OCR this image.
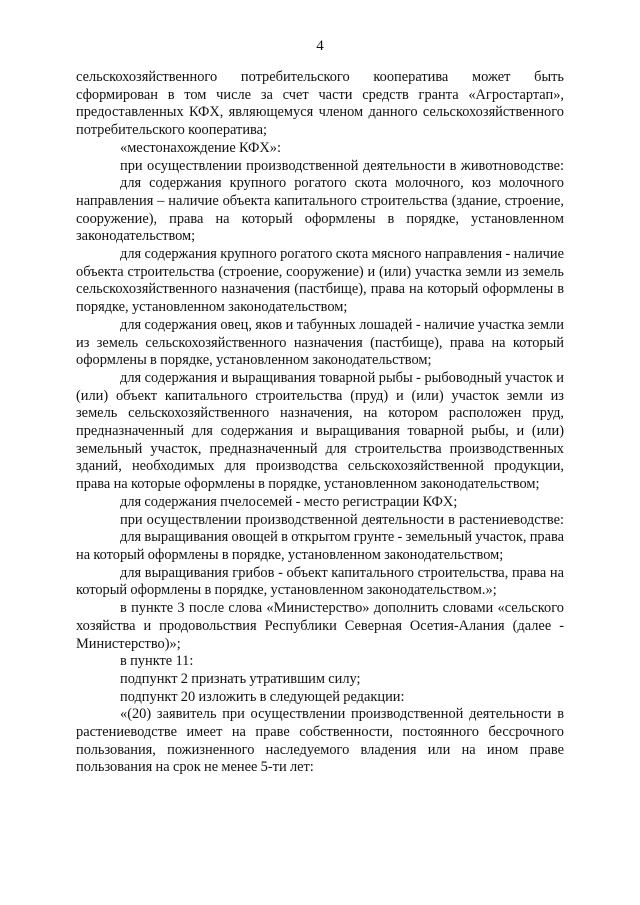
4

сельскохозяйственного потребительского кооператива может быть сформирован в том числе за счет части средств гранта «Агростартап», предоставленных КФХ, являющемуся членом данного сельскохозяйственного потребительского кооператива;

«местонахождение КФХ»:

при осуществлении производственной деятельности в животноводстве:

для содержания крупного рогатого скота молочного, коз молочного направления – наличие объекта капитального строительства (здание, строение, сооружение), права на который оформлены в порядке, установленном законодательством;

для содержания крупного рогатого скота мясного направления - наличие объекта строительства (строение, сооружение) и (или) участка земли из земель сельскохозяйственного назначения (пастбище), права на который оформлены в порядке, установленном законодательством;

для содержания овец, яков и табунных лошадей - наличие участка земли из земель сельскохозяйственного назначения (пастбище), права на который оформлены в порядке, установленном законодательством;

для содержания и выращивания товарной рыбы - рыбоводный участок и (или) объект капитального строительства (пруд) и (или) участок земли из земель сельскохозяйственного назначения, на котором расположен пруд, предназначенный для содержания и выращивания товарной рыбы, и (или) земельный участок, предназначенный для строительства производственных зданий, необходимых для производства сельскохозяйственной продукции, права на которые оформлены в порядке, установленном законодательством;

для содержания пчелосемей - место регистрации КФХ;

при осуществлении производственной деятельности в растениеводстве:

для выращивания овощей в открытом грунте - земельный участок, права на который оформлены в порядке, установленном законодательством;

для выращивания грибов - объект капитального строительства, права на который оформлены в порядке, установленном законодательством.»;

в пункте 3 после слова «Министерство» дополнить словами «сельского хозяйства и продовольствия Республики Северная Осетия-Алания (далее - Министерство)»;

в пункте 11:

подпункт 2 признать утратившим силу;

подпункт 20 изложить в следующей редакции:

«(20) заявитель при осуществлении производственной деятельности в растениеводстве имеет на праве собственности, постоянного бессрочного пользования, пожизненного наследуемого владения или на ином праве пользования на срок не менее 5-ти лет:
